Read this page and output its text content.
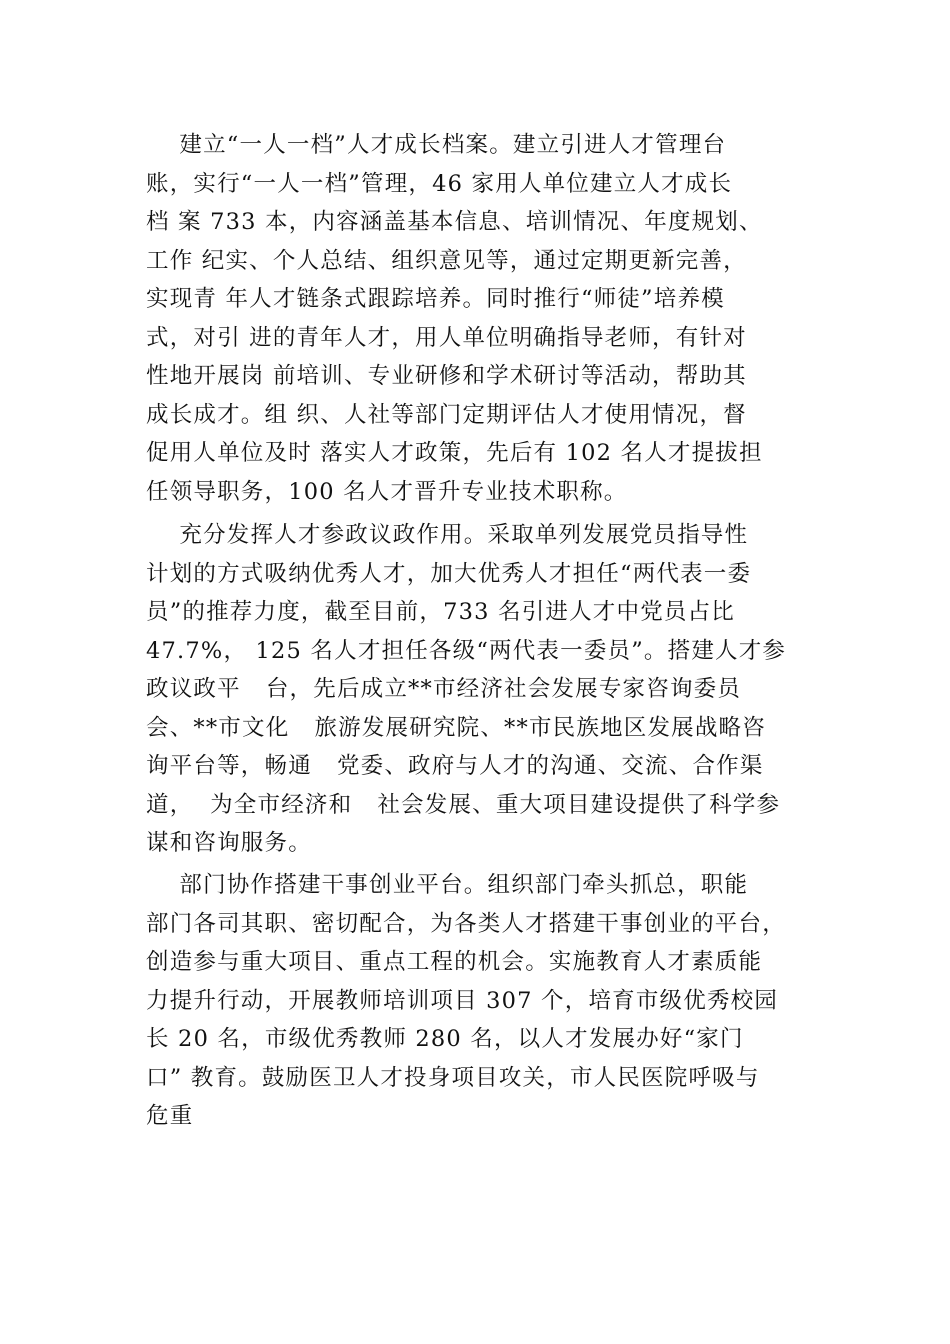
建立“一人一档”人才成长档案。建立引进人才管理台
账，实行“一人一档”管理，46 家用人单位建立人才成长
档 案 733 本，内容涵盖基本信息、培训情况、年度规划、
工作 纪实、个人总结、组织意见等，通过定期更新完善，
实现青 年人才链条式跟踪培养。同时推行“师徒”培养模
式，对引 进的青年人才，用人单位明确指导老师，有针对
性地开展岗 前培训、专业研修和学术研讨等活动，帮助其
成长成才。组 织、人社等部门定期评估人才使用情况，督
促用人单位及时 落实人才政策，先后有 102 名人才提拔担
任领导职务，100 名人才晋升专业技术职称。
充分发挥人才参政议政作用。采取单列发展党员指导性
计划的方式吸纳优秀人才，加大优秀人才担任“两代表一委
员”的推荐力度，截至目前，733 名引进人才中党员占比
47.7%， 125 名人才担任各级“两代表一委员”。搭建人才参
政议政平   台，先后成立**市经济社会发展专家咨询委员
会、**市文化   旅游发展研究院、**市民族地区发展战略咨
询平台等，畅通   党委、政府与人才的沟通、交流、合作渠
道，  为全市经济和   社会发展、重大项目建设提供了科学参
谋和咨询服务。
部门协作搭建干事创业平台。组织部门牵头抓总，职能
部门各司其职、密切配合，为各类人才搭建干事创业的平台，
创造参与重大项目、重点工程的机会。实施教育人才素质能
力提升行动，开展教师培训项目 307 个，培育市级优秀校园
长 20 名，市级优秀教师 280 名，以人才发展办好“家门
口” 教育。鼓励医卫人才投身项目攻关，市人民医院呼吸与
危重
